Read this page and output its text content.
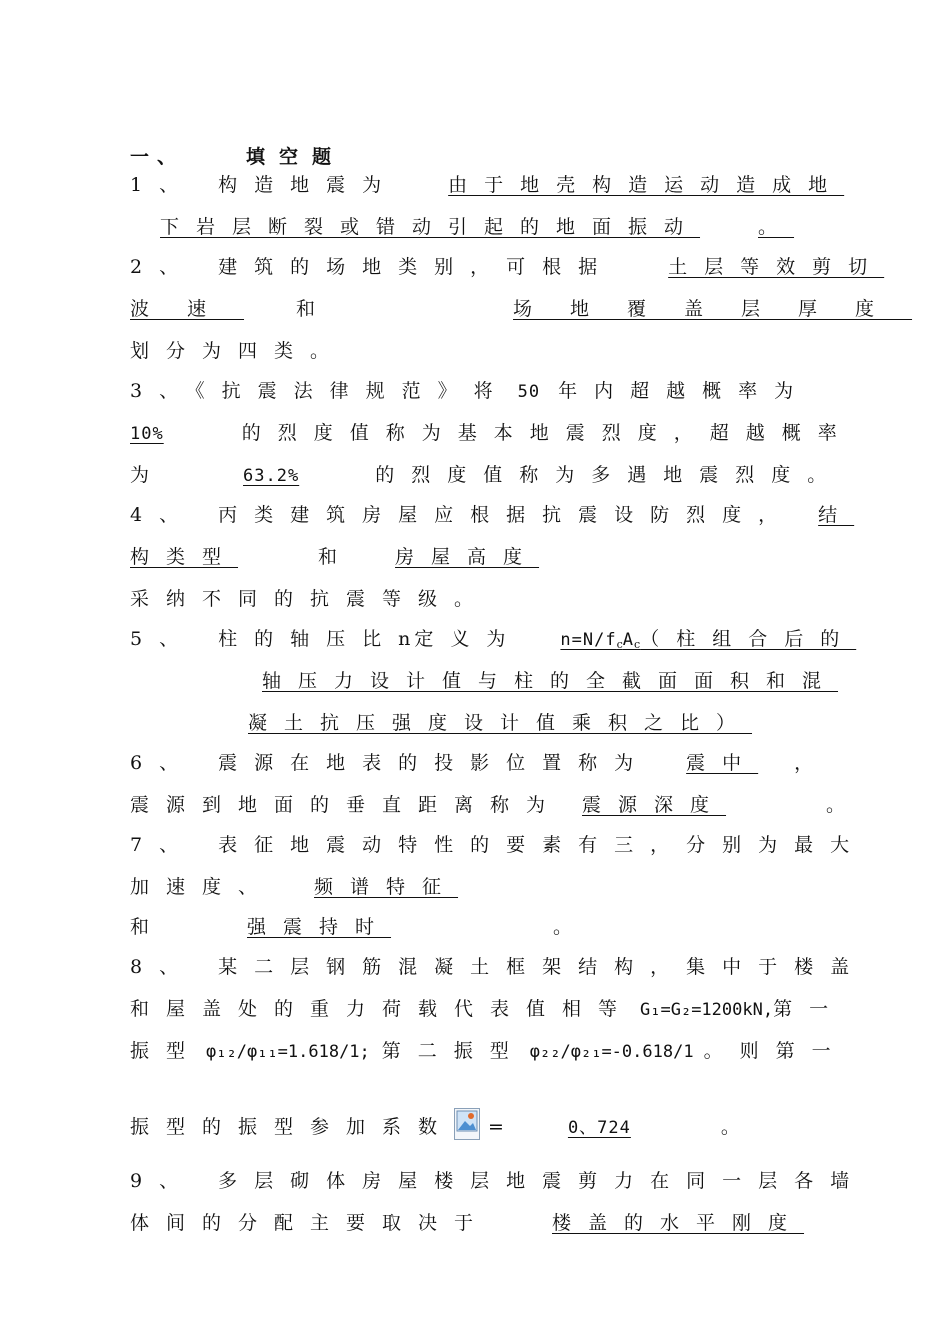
一、	填空题
1、 构造地震为	由于地壳构造运动造成地
下岩层断裂或错动引起的地面振动	。
2、 建筑的场地类别，可根据	土层等效剪切
波速	和	场地覆盖层厚度
划分为四类。
3、《抗震法律规范》将 50 年内超越概率为
10%	的烈度值称为基本地震烈度，超越概率
为	63.2%	的烈度值称为多遇地震烈度。
4、 丙类建筑房屋应根据抗震设防烈度， 结
构类型	和	房屋高度
采纳不同的抗震等级。
5、 柱的轴压比n 定义为 $n=N/f_cA_c$（柱组合后的
轴压力设计值与柱的全截面面积和混
凝土抗压强度设计值乘积之比）
6、 震源在地表的投影位置称为 震中 ，
震源到地面的垂直距离称为 震源深度	。
7、 表征地震动特性的要素有三，分别为最大
加速度、 频谱特征
和	强震持时	。
8、 某二层钢筋混凝土框架结构，集中于楼盖
和屋盖处的重力荷载代表值相等 G₁=G₂=1200kN,第一
振型 φ₁₂/φ₁₁=1.618/1; 第二振型 φ₂₂/φ₂₁=-0.618/1 。则第一
振型的振型参加系数 =	0、724	。
9、 多层砌体房屋楼层地震剪力在同一层各墙
体间的分配主要取决于	楼盖的水平刚度
